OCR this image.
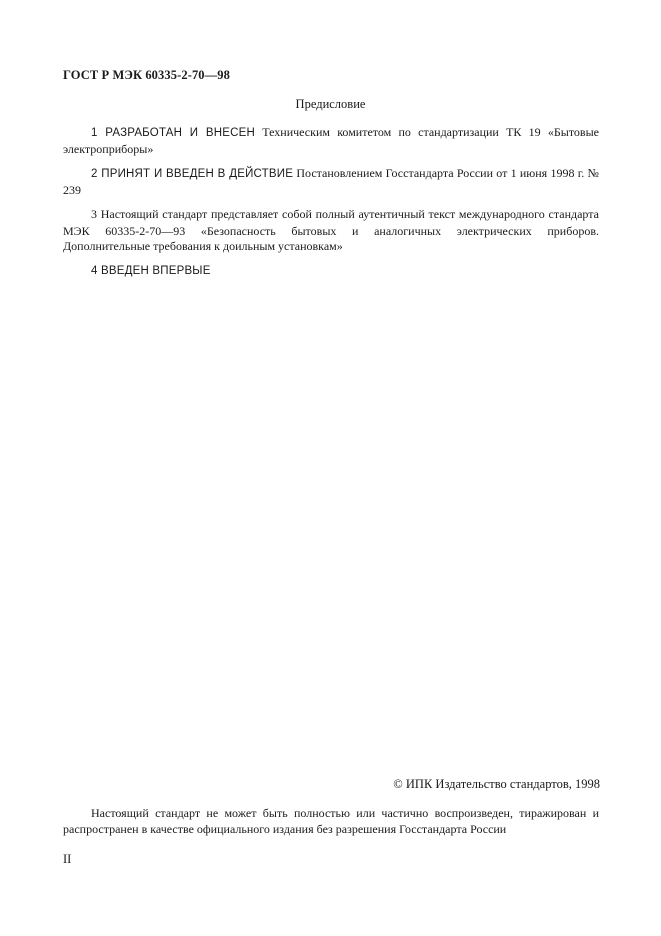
ГОСТ Р МЭК 60335-2-70—98
Предисловие
1 РАЗРАБОТАН И ВНЕСЕН Техническим комитетом по стандартизации ТК 19 «Бытовые электроприборы»
2 ПРИНЯТ И ВВЕДЕН В ДЕЙСТВИЕ Постановлением Госстандарта России от 1 июня 1998 г. № 239
3 Настоящий стандарт представляет собой полный аутентичный текст международного стандарта МЭК 60335-2-70—93 «Безопасность бытовых и аналогичных электрических приборов. Дополнительные требования к доильным установкам»
4 ВВЕДЕН ВПЕРВЫЕ
© ИПК Издательство стандартов, 1998
Настоящий стандарт не может быть полностью или частично воспроизведен, тиражирован и распространен в качестве официального издания без разрешения Госстандарта России
II
